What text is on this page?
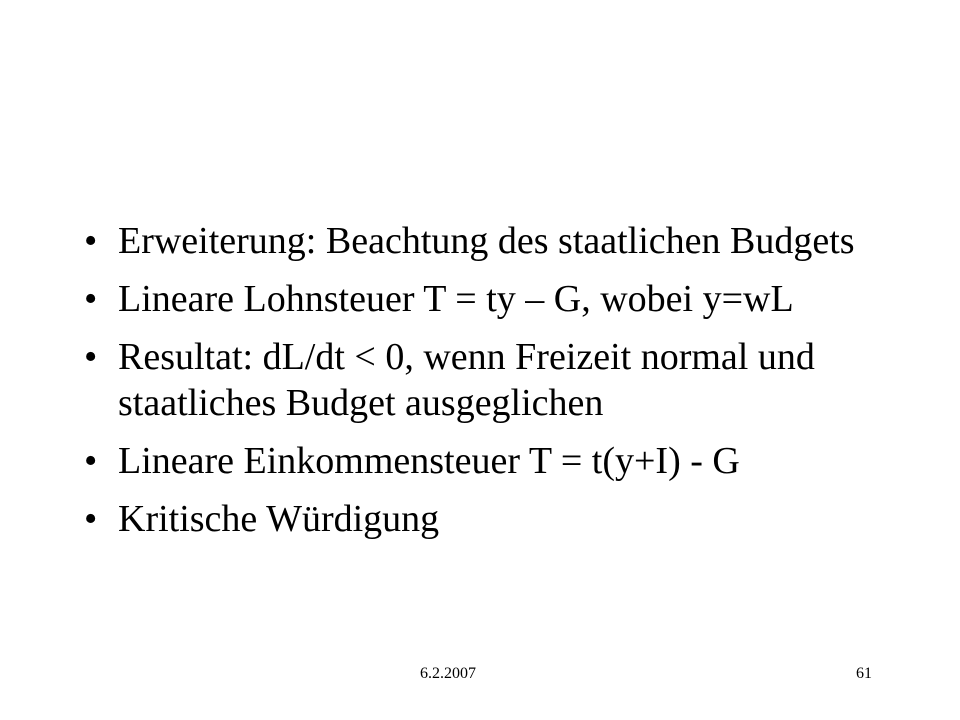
• Erweiterung: Beachtung des staatlichen Budgets
• Lineare Lohnsteuer T = ty – G, wobei y=wL
• Resultat: dL/dt < 0, wenn Freizeit normal und staatliches Budget ausgeglichen
• Lineare Einkommensteuer T = t(y+I) - G
• Kritische Würdigung
6.2.2007	61
